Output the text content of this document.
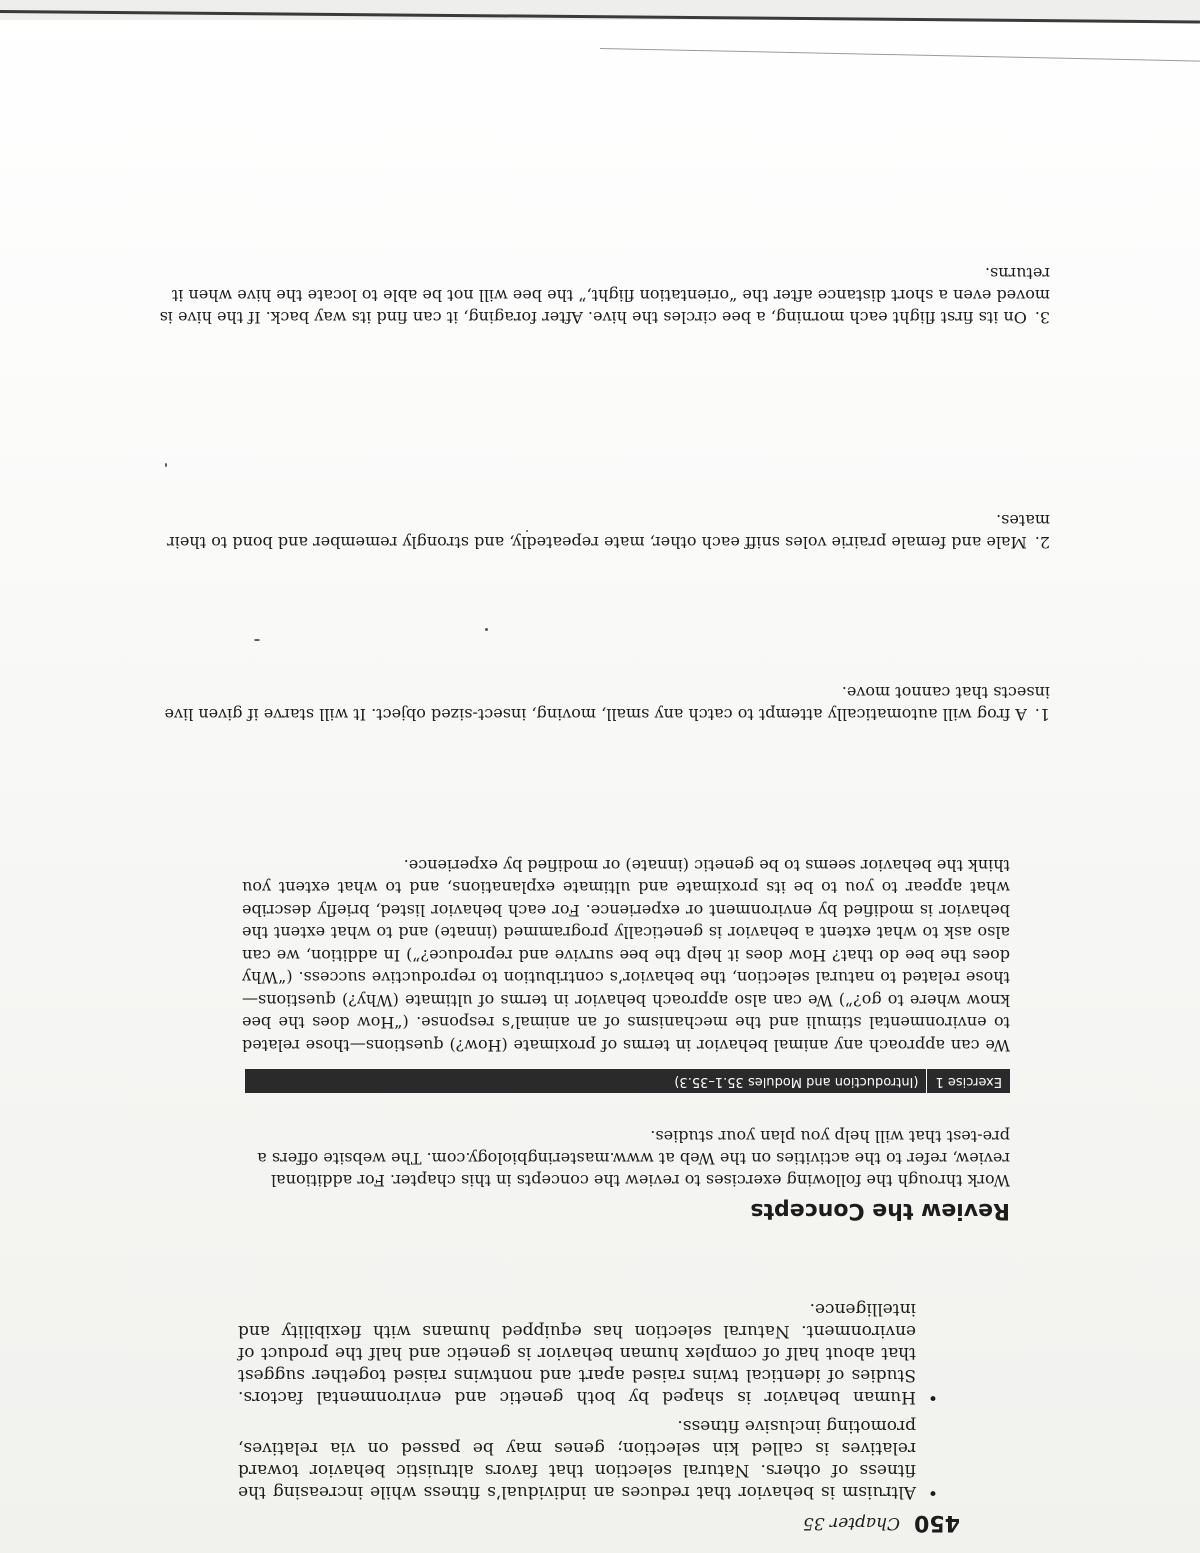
450
Chapter 35
•
Altruism is behavior that reduces an individual’s fitness while increasing the fitness of others. Natural selection that favors altruistic behavior toward relatives is called kin selection; genes may be passed on via relatives, promoting inclusive fitness.
•
Human behavior is shaped by both genetic and environmental factors. Studies of identical twins raised apart and nontwins raised together suggest that about half of complex human behavior is genetic and half the product of environment. Natural selection has equipped humans with flexibility and intelligence.
Review the Concepts
Work through the following exercises to review the concepts in this chapter. For additional review, refer to the activities on the Web at www.masteringbiology.com. The website offers a pre-test that will help you plan your studies.
Exercise 1(Introduction and Modules 35.1–35.3)
We can approach any animal behavior in terms of proximate (How?) questions—those related to environmental stimuli and the mechanisms of an animal’s response. (“How does the bee know where to go?”) We can also approach behavior in terms of ultimate (Why?) questions—those related to natural selection, the behavior’s contribution to reproductive success. (“Why does the bee do that? How does it help the bee survive and reproduce?”) In addition, we can also ask to what extent a behavior is genetically programmed (innate) and to what extent the behavior is modified by environment or experience. For each behavior listed, briefly describe what appear to you to be its proximate and ultimate explanations, and to what extent you think the behavior seems to be genetic (innate) or modified by experience.
1. A frog will automatically attempt to catch any small, moving, insect-sized object. It will starve if given live insects that cannot move.
2. Male and female prairie voles sniff each other, mate repeatedly, and strongly remember and bond to their mates.
3. On its first flight each morning, a bee circles the hive. After foraging, it can find its way back. If the hive is moved even a short distance after the “orientation flight,” the bee will not be able to locate the hive when it returns.
